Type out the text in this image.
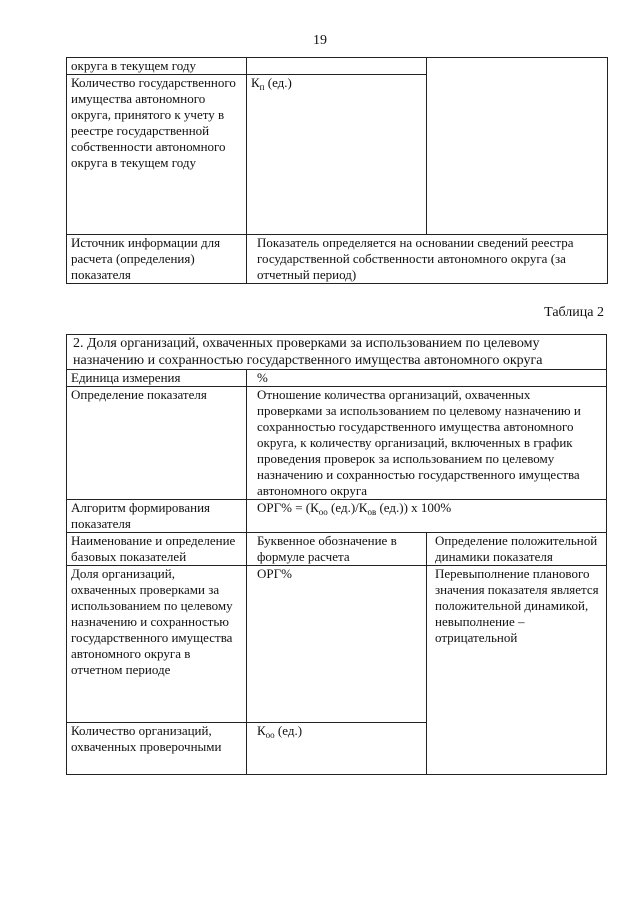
19
округа в текущем году		
Количество государственного имущества автономного округа, принятого к учету в реестре государственной собственности автономного округа в текущем году	$К_п$ (ед.)	
Источник информации для расчета (определения) показателя	Показатель определяется на основании сведений реестра государственной собственности автономного округа (за отчетный период)	
Таблица 2
2. Доля организаций, охваченных проверками за использованием по целевому назначению и сохранностью государственного имущества автономного округа		
Единица измерения	%	
Определение показателя	Отношение количества организаций, охваченных проверками за использованием по целевому назначению и сохранностью государственного имущества автономного округа, к количеству организаций, включенных в график проведения проверок за использованием по целевому назначению и сохранностью государственного имущества автономного округа	
Алгоритм формирования показателя	$ОРГ\% = (К_{оо}$ $(ед.)/К_{ов}$ (ед.)) х 100%	
Наименование и определение базовых показателей	Буквенное обозначение в формуле расчета	Определение положительной динамики показателя
Доля организаций, охваченных проверками за использованием по целевому назначению и сохранностью государственного имущества автономного округа в отчетном периоде	ОРГ%	Перевыполнение планового значения показателя является положительной динамикой, невыполнение – отрицательной
Количество организаций, охваченных проверочными	$К_{оо}$ (ед.)	
